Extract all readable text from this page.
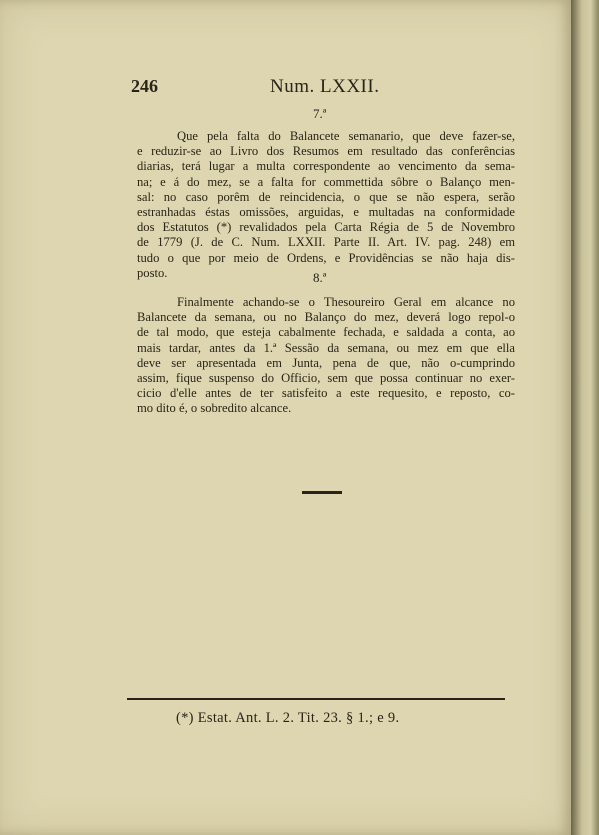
246	Num. LXXII.
7.ª
Que pela falta do Balancete semanario, que deve fazer-se,
e reduzir-se ao Livro dos Resumos em resultado das conferências
diarias, terá lugar a multa correspondente ao vencimento da sema-
na; e á do mez, se a falta for commettida sôbre o Balanço men-
sal: no caso porêm de reincidencia, o que se não espera, serão
estranhadas éstas omissões, arguidas, e multadas na conformidade
dos Estatutos (*) revalidados pela Carta Régia de 5 de Novembro
de 1779 (J. de C. Num. LXXII. Parte II. Art. IV. pag. 248) em
tudo o que por meio de Ordens, e Providências se não haja dis-
posto.	8.ª
Finalmente achando-se o Thesoureiro Geral em alcance no
Balancete da semana, ou no Balanço do mez, deverá logo repol-o
de tal modo, que esteja cabalmente fechada, e saldada a conta, ao
mais tardar, antes da 1.ª Sessão da semana, ou mez em que ella
deve ser apresentada em Junta, pena de que, não o-cumprindo
assim, fique suspenso do Officio, sem que possa continuar no exer-
cicio d'elle antes de ter satisfeito a este requesito, e reposto, co-
mo dito é, o sobredito alcance.
(*) Estat. Ant. L. 2. Tit. 23. § 1.; e 9.
